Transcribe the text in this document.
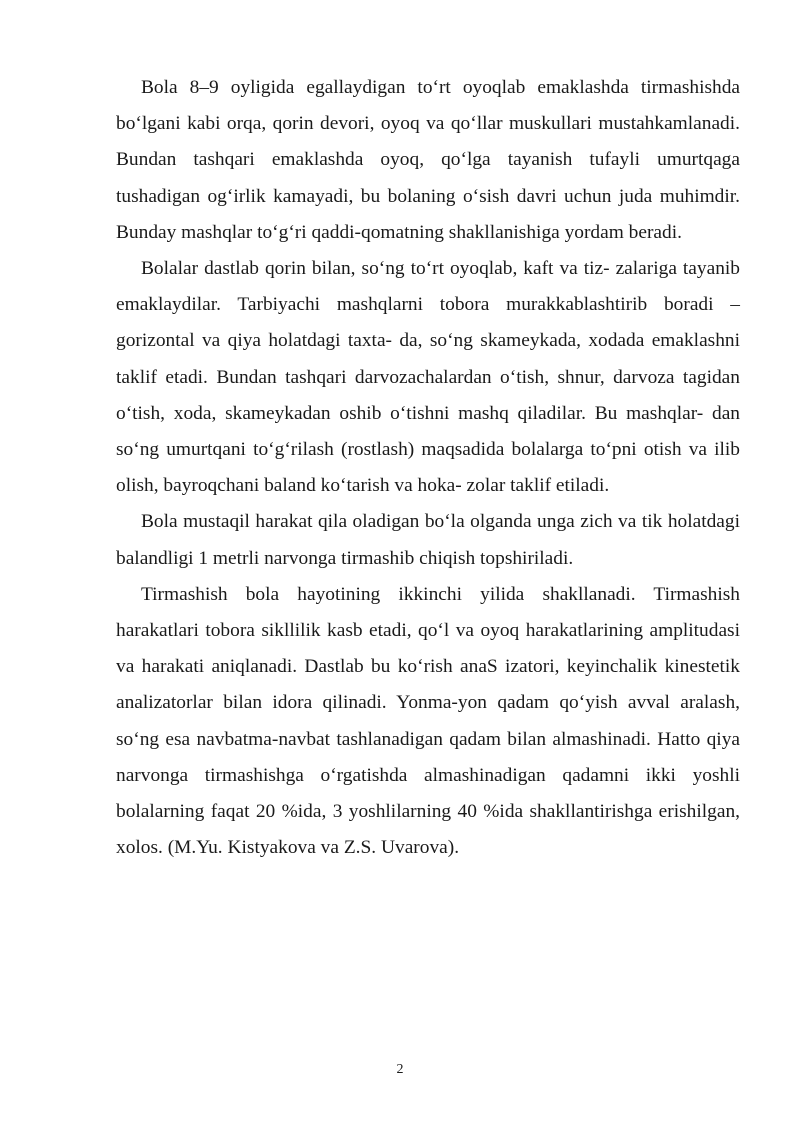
Bola 8–9 oyligida egallaydigan to‘rt oyoqlab emaklashda tirmashishda bo‘lgani kabi orqa, qorin devori, oyoq va qo‘llar muskullari mustahkamlanadi. Bundan tashqari emaklashda oyoq, qo‘lga tayanish tufayli umurtqaga tushadigan og‘irlik kamayadi, bu bolaning o‘sish davri uchun juda muhimdir. Bunday mashqlar to‘g‘ri qaddi-qomatning shakllanishiga yordam beradi.

Bolalar dastlab qorin bilan, so‘ng to‘rt oyoqlab, kaft va tiz- zalariga tayanib emaklaydilar. Tarbiyachi mashqlarni tobora murakkablashtirib boradi – gorizontal va qiya holatdagi taxta- da, so‘ng skameykada, xodada emaklashni taklif etadi. Bundan tashqari darvozachalardan o‘tish, shnur, darvoza tagidan o‘tish, xoda, skameykadan oshib o‘tishni mashq qiladilar. Bu mashqlar- dan so‘ng umurtqani to‘g‘rilash (rostlash) maqsadida bolalarga to‘pni otish va ilib olish, bayroqchani baland ko‘tarish va hoka- zolar taklif etiladi.

Bola mustaqil harakat qila oladigan bo‘la olganda unga zich va tik holatdagi balandligi 1 metrli narvonga tirmashib chiqish topshiriladi.

Tirmashish bola hayotining ikkinchi yilida shakllanadi. Tirmashish harakatlari tobora sikllilik kasb etadi, qo‘l va oyoq harakatlarining amplitudasi va harakati aniqlanadi. Dastlab bu ko‘rish anaS izatori, keyinchalik kinestetik analizatorlar bilan idora qilinadi. Yonma-yon qadam qo‘yish avval aralash, so‘ng esa navbatma-navbat tashlanadigan qadam bilan almashinadi. Hatto qiya narvonga tirmashishga o‘rgatishda almashinadigan qadamni ikki yoshli bolalarning faqat 20 %ida, 3 yoshlilarning 40 %ida shakllantirishga erishilgan, xolos. (M.Yu. Kistyakova va Z.S. Uvarova).

2
